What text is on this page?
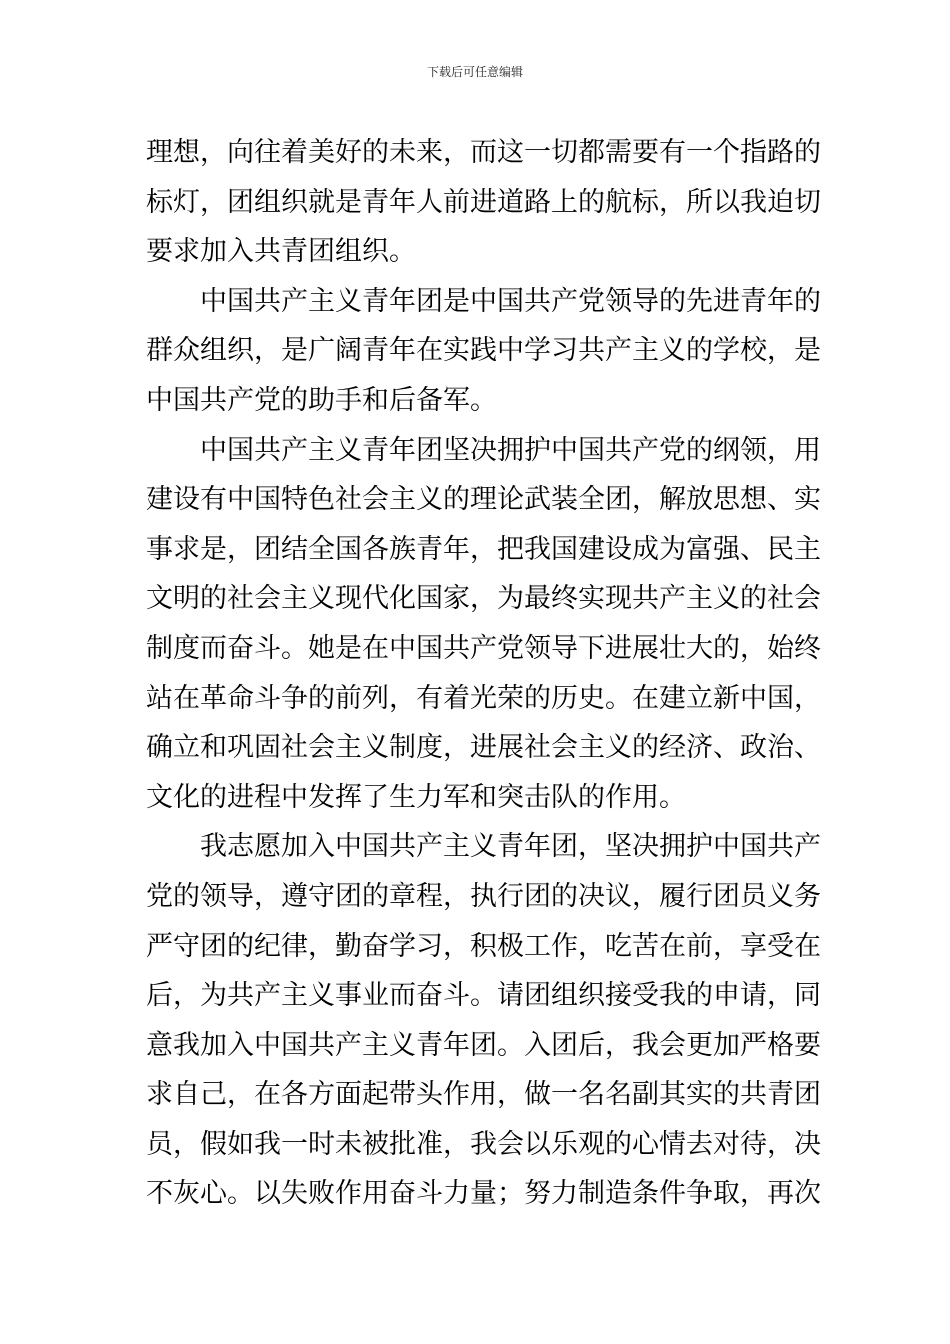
下载后可任意编辑
理想，向往着美好的未来，而这一切都需要有一个指路的
标灯，团组织就是青年人前进道路上的航标，所以我迫切
要求加入共青团组织。
中国共产主义青年团是中国共产党领导的先进青年的
群众组织，是广阔青年在实践中学习共产主义的学校，是
中国共产党的助手和后备军。
中国共产主义青年团坚决拥护中国共产党的纲领，用
建设有中国特色社会主义的理论武装全团，解放思想、实
事求是，团结全国各族青年，把我国建设成为富强、民主
文明的社会主义现代化国家，为最终实现共产主义的社会
制度而奋斗。她是在中国共产党领导下进展壮大的，始终
站在革命斗争的前列，有着光荣的历史。在建立新中国，
确立和巩固社会主义制度，进展社会主义的经济、政治、
文化的进程中发挥了生力军和突击队的作用。
我志愿加入中国共产主义青年团，坚决拥护中国共产
党的领导，遵守团的章程，执行团的决议，履行团员义务
严守团的纪律，勤奋学习，积极工作，吃苦在前，享受在
后，为共产主义事业而奋斗。请团组织接受我的申请，同
意我加入中国共产主义青年团。入团后，我会更加严格要
求自己，在各方面起带头作用，做一名名副其实的共青团
员，假如我一时未被批准，我会以乐观的心情去对待，决
不灰心。以失败作用奋斗力量；努力制造条件争取，再次
